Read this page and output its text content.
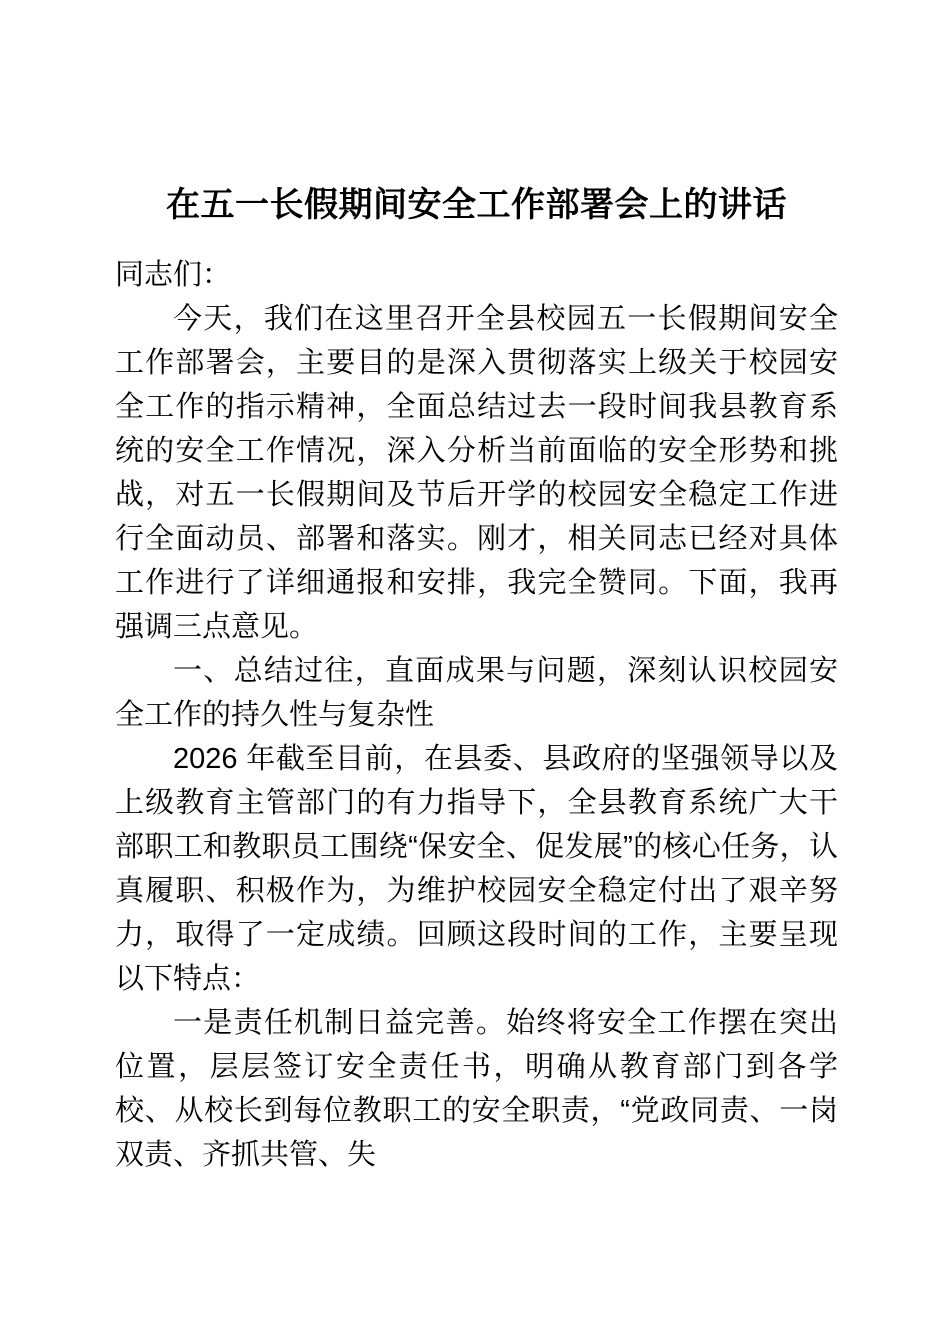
在五一长假期间安全工作部署会上的讲话

同志们：

今天，我们在这里召开全县校园五一长假期间安全工作部署会，主要目的是深入贯彻落实上级关于校园安全工作的指示精神，全面总结过去一段时间我县教育系统的安全工作情况，深入分析当前面临的安全形势和挑战，对五一长假期间及节后开学的校园安全稳定工作进行全面动员、部署和落实。刚才，相关同志已经对具体工作进行了详细通报和安排，我完全赞同。下面，我再强调三点意见。

一、总结过往，直面成果与问题，深刻认识校园安全工作的持久性与复杂性

2026 年截至目前，在县委、县政府的坚强领导以及上级教育主管部门的有力指导下，全县教育系统广大干部职工和教职员工围绕“保安全、促发展”的核心任务，认真履职、积极作为，为维护校园安全稳定付出了艰辛努力，取得了一定成绩。回顾这段时间的工作，主要呈现以下特点：

一是责任机制日益完善。始终将安全工作摆在突出位置，层层签订安全责任书，明确从教育部门到各学校、从校长到每位教职工的安全职责，“党政同责、一岗双责、齐抓共管、失
